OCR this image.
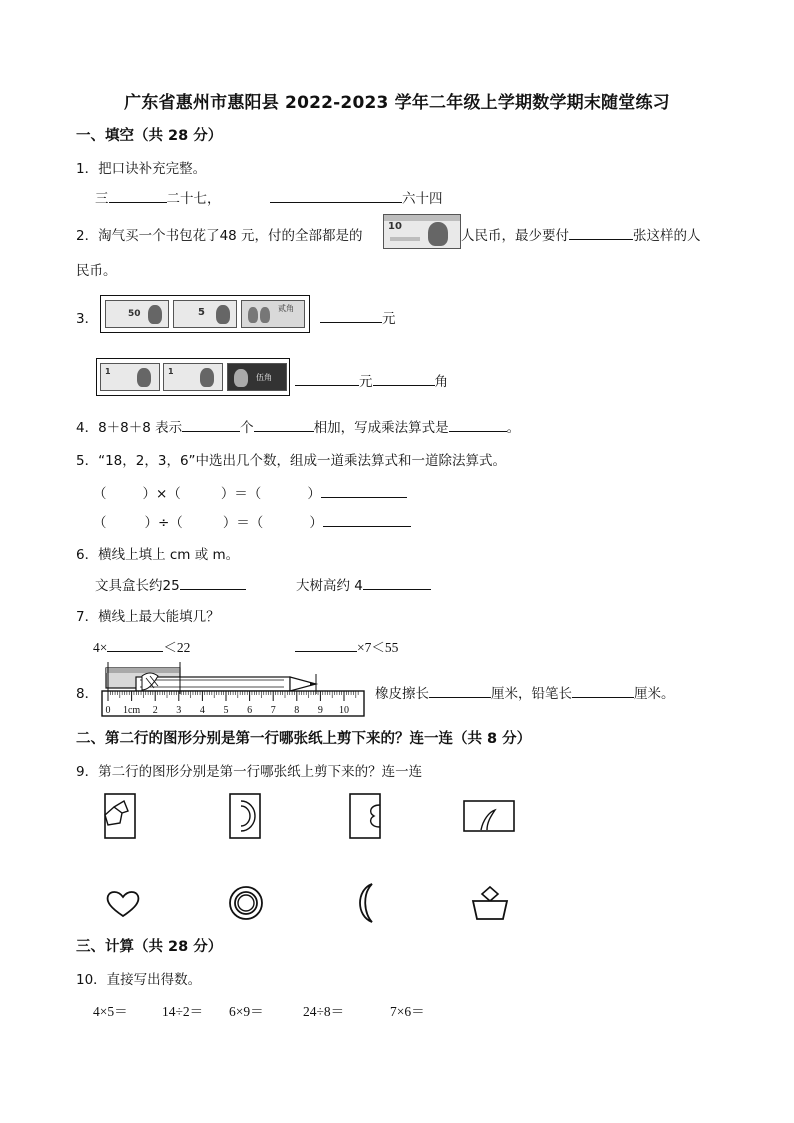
广东省惠州市惠阳县 2022-2023 学年二年级上学期数学期末随堂练习
一、填空（共 28 分）
1．把口诀补充完整。
三	二十七，	六十四
2．淘气买一个书包花了48 元，付的全部都是的
10
人民币，最少要付	张这样的人
民币。
3．	50	5	贰角
元
1	1
伍角	元	角
4．8＋8＋8 表示	个	相加，写成乘法算式是	。
5．“18，2，3，6”中选出几个数，组成一道乘法算式和一道除法算式。
（	）×（	）＝（	）
（	）÷（	）＝（	）
6．横线上填上 cm 或 m。
文具盒长约25	大树高约 4
7．横线上最大能填几？
4×	＜22	×7＜55
8．
0 1cm 2 3 4 5 6 7 8 9 10
橡皮擦长	厘米，铅笔长	厘米。
二、第二行的图形分别是第一行哪张纸上剪下来的？连一连（共 8 分）
9．第二行的图形分别是第一行哪张纸上剪下来的？连一连
三、计算（共 28 分）
10．直接写出得数。
4×5＝	14÷2＝ 6×9＝	24÷8＝	7×6＝
